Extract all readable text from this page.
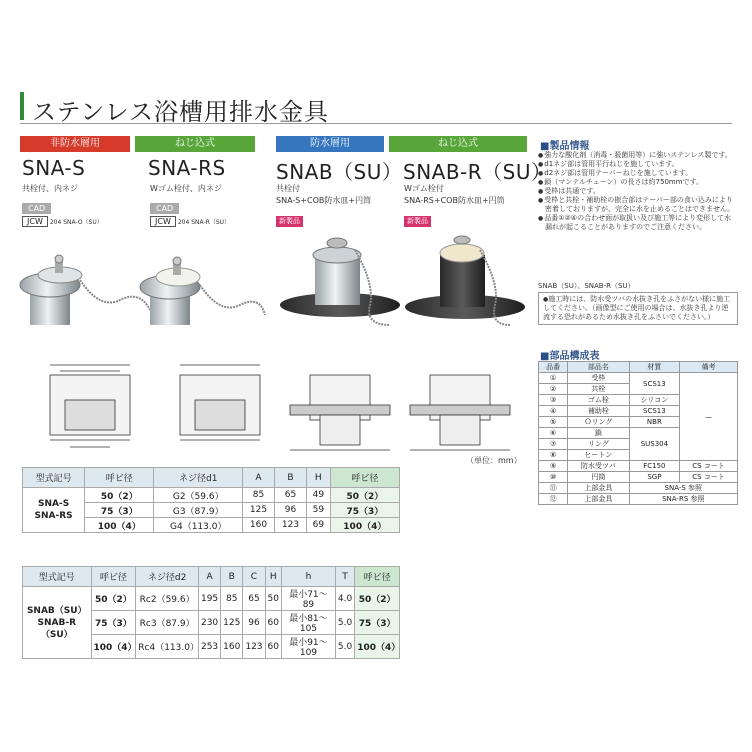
ステンレス浴槽用排水金具
非防水層用	ねじ込式
SNA-S
共栓付、内ネジ
CAD
JCW 204 SNA-O（SU）
SNA-RS
Wゴム栓付、内ネジ
CAD
JCW 204 SNA-R（SU）
防水層用	ねじ込式
SNAB（SU）
共栓付
SNA-S+COB防水皿+円筒
新製品
SNAB-R（SU）
Wゴム栓付
SNA-RS+COB防水皿+円筒
新製品
（単位：mm）
■製品情報
● 強力な酸化剤（消毒・殺菌用等）に強いステンレス製です。
● d1ネジ部は管用平行ねじを施しています。
● d2ネジ部は管用テーパーねじを施しています。
● 鎖（マンテルチェーン）の長さは約750mmです。
● 受枠は共通です。
● 受枠と共栓・補助栓の嵌合部はテーパー部の食い込みにより密着しておりますが、完全に水を止めることはできません。
● 品番①②④の合わせ面が取扱い及び施工等により変形して水漏れが起こることがありますのでご注意ください。
SNAB（SU）、SNAB-R（SU）
● 施工時には、防水受ツバの水抜き孔をふさがない様に施工してください。（画像型にご使用の場合は、水抜き孔より逆流する恐れがあるため水抜き孔をふさいでください。）
■部品構成表
品番	部品名	材質	備考
①	受枠	SCS13	—
②	共栓		
③	ゴム栓	シリコン	
④	補助栓	SCS13	
⑤	Ｏリング	NBR	
⑥	鎖	SUS304	
⑦	リング		
⑧	ヒートン		
⑨	防水受ツバ	FC150	CS コート
⑩	円筒	SGP	CS コート
⑪	上部金具	SNA-S 参照	
⑫	上部金具	SNA-RS 参照	
型式記号	呼ビ径	ネジ径d1	A	B	H	呼ビ径
SNA-S
SNA-RS	50（2）	G2（59.6）	85	65	49	50（2）
	75（3）	G3（87.9）	125	96	59	75（3）
	100（4）	G4（113.0）	160	123	69	100（4）
型式記号	呼ビ径	ネジ径d2	A	B	C	H	h	T	呼ビ径
SNAB（SU）
SNAB-R（SU）	50（2）	Rc2（59.6）	195	85	65	50	最小71～89	4.0	50（2）
	75（3）	Rc3（87.9）	230	125	96	60	最小81～105	5.0	75（3）
	100（4）	Rc4（113.0）	253	160	123	60	最小91～109	5.0	100（4）
